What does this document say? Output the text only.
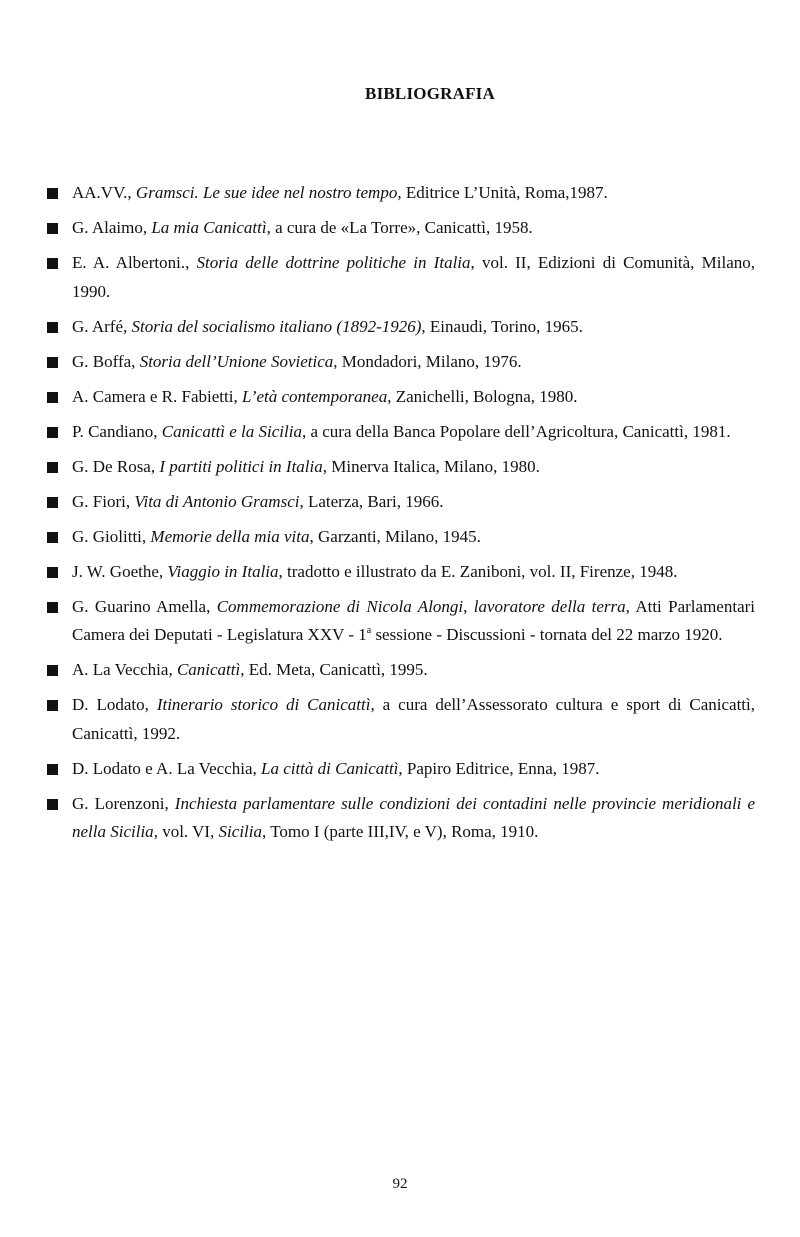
BIBLIOGRAFIA
AA.VV., Gramsci. Le sue idee nel nostro tempo, Editrice L’Unità, Roma,1987.
G. Alaimo, La mia Canicattì, a cura de «La Torre», Canicattì, 1958.
E. A. Albertoni., Storia delle dottrine politiche in Italia, vol. II, Edizioni di Comunità, Milano, 1990.
G. Arfé, Storia del socialismo italiano (1892-1926), Einaudi, Torino, 1965.
G. Boffa, Storia dell’Unione Sovietica, Mondadori, Milano, 1976.
A. Camera e R. Fabietti, L’età contemporanea, Zanichelli, Bologna, 1980.
P. Candiano, Canicattì e la Sicilia, a cura della Banca Popolare dell’Agricoltura, Canicattì, 1981.
G. De Rosa, I partiti politici in Italia, Minerva Italica, Milano, 1980.
G. Fiori, Vita di Antonio Gramsci, Laterza, Bari, 1966.
G. Giolitti, Memorie della mia vita, Garzanti, Milano, 1945.
J. W. Goethe, Viaggio in Italia, tradotto e illustrato da E. Zaniboni, vol. II, Firenze, 1948.
G. Guarino Amella, Commemorazione di Nicola Alongi, lavoratore della terra, Atti Parlamentari Camera dei Deputati - Legislatura XXV - 1$^a$ sessione - Discussioni - tornata del 22 marzo 1920.
A. La Vecchia, Canicattì, Ed. Meta, Canicattì, 1995.
D. Lodato, Itinerario storico di Canicattì, a cura dell’Assessorato cultura e sport di Canicattì, Canicattì, 1992.
D. Lodato e A. La Vecchia, La città di Canicattì, Papiro Editrice, Enna, 1987.
G. Lorenzoni, Inchiesta parlamentare sulle condizioni dei contadini nelle provincie meridionali e nella Sicilia, vol. VI, Sicilia, Tomo I (parte III,IV, e V), Roma, 1910.
92
